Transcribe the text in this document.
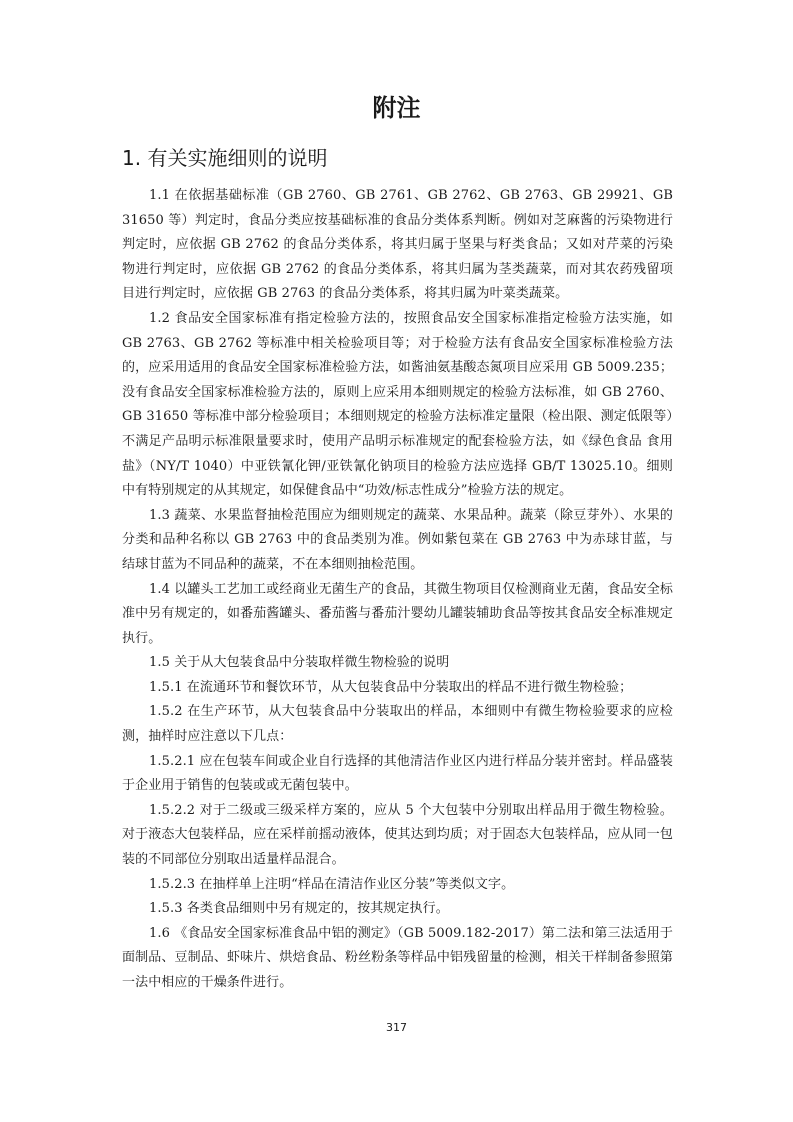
附注
1. 有关实施细则的说明

1.1 在依据基础标准（GB 2760、GB 2761、GB 2762、GB 2763、GB 29921、GB 31650 等）判定时，食品分类应按基础标准的食品分类体系判断。例如对芝麻酱的污染物进行判定时，应依据 GB 2762 的食品分类体系，将其归属于坚果与籽类食品；又如对芹菜的污染物进行判定时，应依据 GB 2762 的食品分类体系，将其归属为茎类蔬菜，而对其农药残留项目进行判定时，应依据 GB 2763 的食品分类体系，将其归属为叶菜类蔬菜。

1.2 食品安全国家标准有指定检验方法的，按照食品安全国家标准指定检验方法实施，如 GB 2763、GB 2762 等标准中相关检验项目等；对于检验方法有食品安全国家标准检验方法的，应采用适用的食品安全国家标准检验方法，如酱油氨基酸态氮项目应采用 GB 5009.235；没有食品安全国家标准检验方法的，原则上应采用本细则规定的检验方法标准，如 GB 2760、GB 31650 等标准中部分检验项目；本细则规定的检验方法标准定量限（检出限、测定低限等）不满足产品明示标准限量要求时，使用产品明示标准规定的配套检验方法，如《绿色食品 食用盐》（NY/T 1040）中亚铁氰化钾/亚铁氰化钠项目的检验方法应选择 GB/T 13025.10。细则中有特别规定的从其规定，如保健食品中“功效/标志性成分”检验方法的规定。

1.3 蔬菜、水果监督抽检范围应为细则规定的蔬菜、水果品种。蔬菜（除豆芽外）、水果的分类和品种名称以 GB 2763 中的食品类别为准。例如紫包菜在 GB 2763 中为赤球甘蓝，与结球甘蓝为不同品种的蔬菜，不在本细则抽检范围。

1.4 以罐头工艺加工或经商业无菌生产的食品，其微生物项目仅检测商业无菌，食品安全标准中另有规定的，如番茄酱罐头、番茄酱与番茄汁婴幼儿罐装辅助食品等按其食品安全标准规定执行。

1.5 关于从大包装食品中分装取样微生物检验的说明

1.5.1 在流通环节和餐饮环节，从大包装食品中分装取出的样品不进行微生物检验；

1.5.2 在生产环节，从大包装食品中分装取出的样品，本细则中有微生物检验要求的应检测，抽样时应注意以下几点：

1.5.2.1 应在包装车间或企业自行选择的其他清洁作业区内进行样品分装并密封。样品盛装于企业用于销售的包装或或无菌包装中。

1.5.2.2 对于二级或三级采样方案的，应从 5 个大包装中分别取出样品用于微生物检验。对于液态大包装样品，应在采样前摇动液体，使其达到均质；对于固态大包装样品，应从同一包装的不同部位分别取出适量样品混合。

1.5.2.3 在抽样单上注明“样品在清洁作业区分装”等类似文字。

1.5.3 各类食品细则中另有规定的，按其规定执行。

1.6 《食品安全国家标准食品中铝的测定》（GB 5009.182-2017）第二法和第三法适用于面制品、豆制品、虾味片、烘焙食品、粉丝粉条等样品中铝残留量的检测，相关干样制备参照第一法中相应的干燥条件进行。

317
